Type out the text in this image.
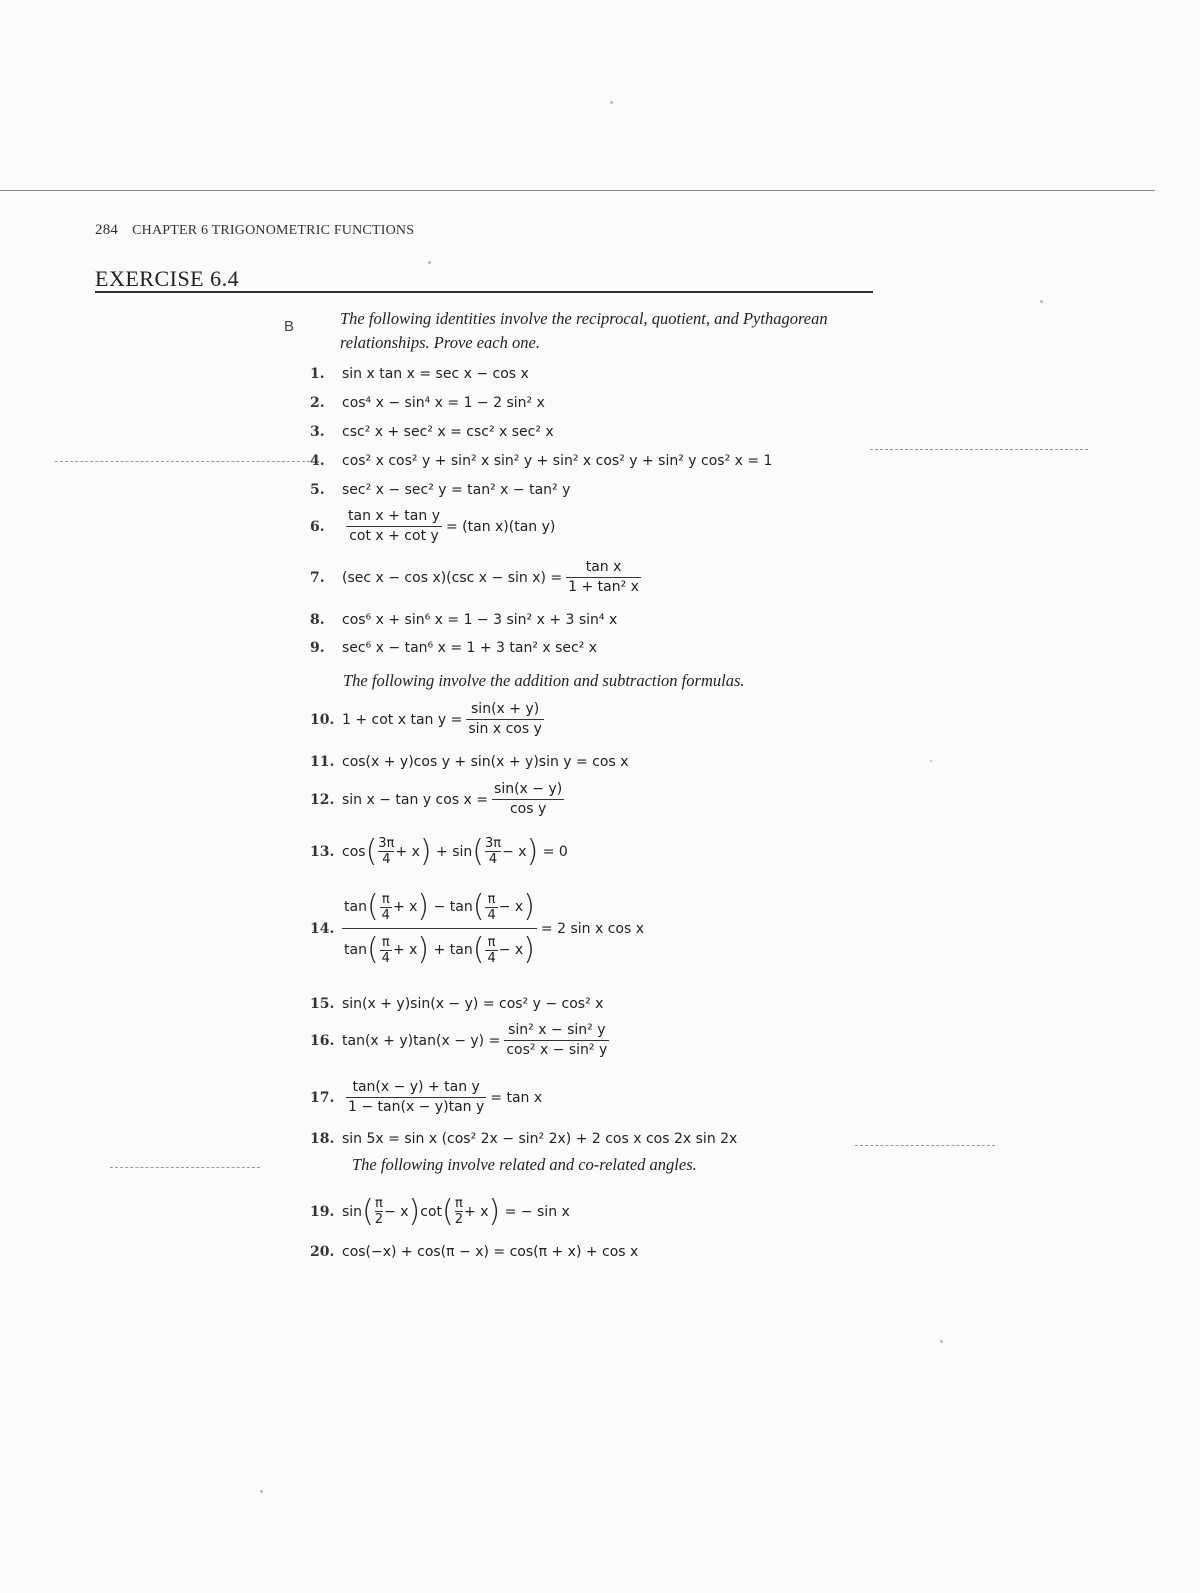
284 CHAPTER 6 TRIGONOMETRIC FUNCTIONS
EXERCISE 6.4
B	The following identities involve the reciprocal, quotient, and Pythagorean relationships. Prove each one.
1. sin x tan x = sec x − cos x
2. cos⁴ x − sin⁴ x = 1 − 2 sin² x
3. csc² x + sec² x = csc² x sec² x
4. cos² x cos² y + sin² x sin² y + sin² x cos² y + sin² y cos² x = 1
5. sec² x − sec² y = tan² x − tan² y
6. $\frac{\text{tan x + tan y}}{\text{cot x + cot y}} = (\tan$ x)(tan y)
7. (sec x − cos x)(csc $x - \sin x) = \frac{\text{tan x}}{\text{1 + tan² x}}$
8. cos⁶ x + sin⁶ x = 1 − 3 sin² x + 3 sin⁴ x
9. sec⁶ x − tan⁶ x = 1 + 3 tan² x sec² x
The following involve the addition and subtraction formulas.
10. 1 + cot x $\tan y = \frac{\sin(x + y)}{\text{sin x cos y}}$
11. cos(x + y)cos y + sin(x + y)sin y = cos x
12. sin x − tan y $\cos x = \frac{\sin(x - y)}{\text{cos y}}$
13. $\cos( \frac{3\pi}{4} + x) + \sin( \frac{3\pi}{4} - x) = 0$
14. $\frac{\tan( \frac{\pi}{4} + x) - \tan( \frac{\pi}{4} - x)}{\tan( \frac{\pi}{4} + x) + \tan( \frac{\pi}{4} - x)} = 2$ sin x cos x
15. sin(x + y)sin(x − y) = cos² y − cos² x
16. $\tan(x + y)\tan(x - y) = \frac{\text{sin² x − sin² y}}{\text{cos² x − sin² y}}$
17. $\frac{\text{tan(x − y) + tan y}}{\text{1 − tan(x − y)tan y}} = \tan x$
18. sin 5x = sin x (cos² 2x − sin² 2x) + 2 cos x cos 2x sin 2x
The following involve related and co-related angles.
19. $\sin( \frac{\pi}{2} - x)\cot( \frac{\pi}{2} + x)$ = − sin x
20. cos(−x) + cos(π − x) = cos(π + x) + cos x
